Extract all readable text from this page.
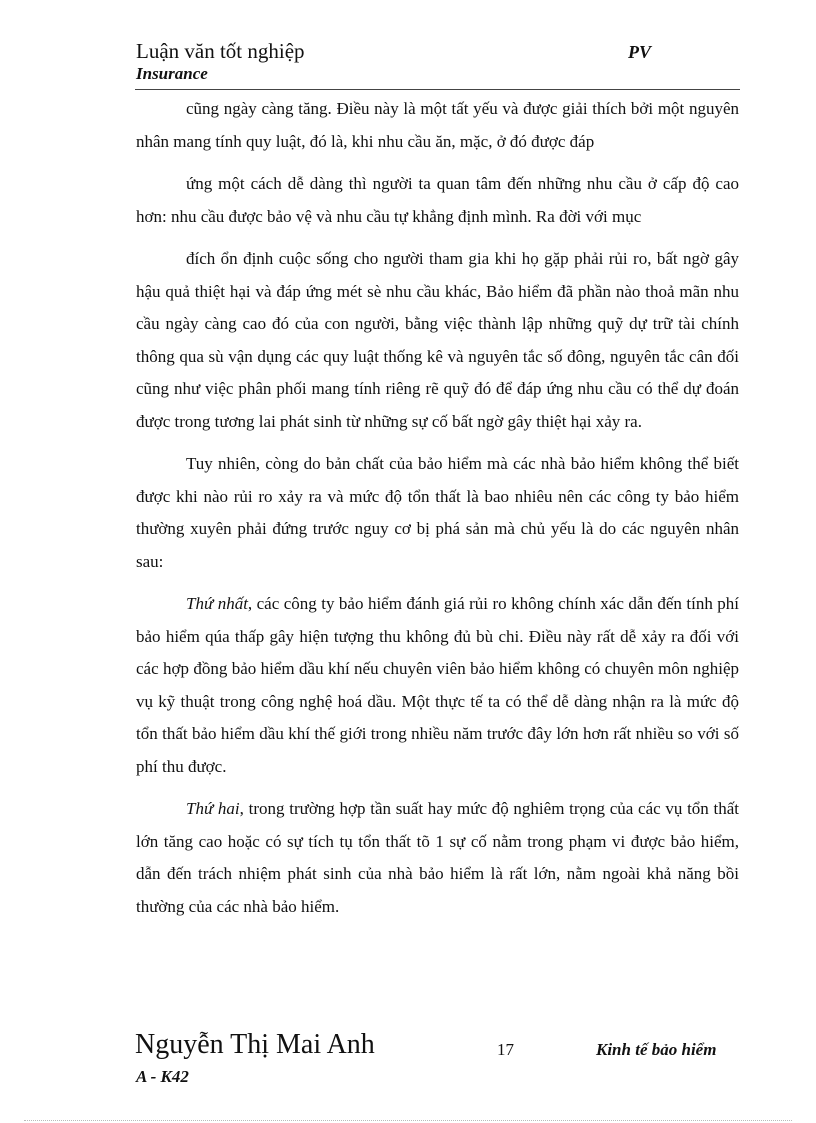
Luận văn tốt nghiệp
Insurance
PV

cũng ngày càng tăng. Điều này là một tất yếu và được giải thích bởi một nguyên nhân mang tính quy luật, đó là, khi nhu cầu ăn, mặc, ở đó được đáp

ứng một cách dễ dàng thì người ta quan tâm đến những nhu cầu ở cấp độ cao hơn: nhu cầu được bảo vệ và nhu cầu tự khẳng định mình. Ra đời với mục

đích ổn định cuộc sống cho người tham gia khi họ gặp phải rủi ro, bất ngờ gây hậu quả thiệt hại và đáp ứng mét sè nhu cầu khác, Bảo hiểm đã phần nào thoả mãn nhu cầu ngày càng cao đó của con người, bằng việc thành lập những quỹ dự trữ tài chính thông qua sù vận dụng các quy luật thống kê và nguyên tắc số đông, nguyên tắc cân đối cũng như việc phân phối mang tính riêng rẽ quỹ đó để đáp ứng nhu cầu có thể dự đoán được trong tương lai phát sinh từ những sự cố bất ngờ gây thiệt hại xảy ra.

Tuy nhiên, còng do bản chất của bảo hiểm mà các nhà bảo hiểm không thể biết được khi nào rủi ro xảy ra và mức độ tổn thất là bao nhiêu nên các công ty bảo hiểm thường xuyên phải đứng trước nguy cơ bị phá sản mà chủ yếu là do các nguyên nhân sau:

Thứ nhất, các công ty bảo hiểm đánh giá rủi ro không chính xác dẫn đến tính phí bảo hiểm qúa thấp gây hiện tượng thu không đủ bù chi. Điều này rất dễ xảy ra đối với các hợp đồng bảo hiểm dầu khí nếu chuyên viên bảo hiểm không có chuyên môn nghiệp vụ kỹ thuật trong công nghệ hoá dầu. Một thực tế ta có thể dễ dàng nhận ra là mức độ tổn thất bảo hiểm dầu khí thế giới trong nhiều năm trước đây lớn hơn rất nhiều so với số phí thu được.

Thứ hai, trong trường hợp tần suất hay mức độ nghiêm trọng của các vụ tổn thất lớn tăng cao hoặc có sự tích tụ tổn thất tõ 1 sự cố nằm trong phạm vi được bảo hiểm, dẫn đến trách nhiệm phát sinh của nhà bảo hiểm là rất lớn, nằm ngoài khả năng bồi thường của các nhà bảo hiểm.

Nguyễn Thị Mai Anh	17	Kinh tế bảo hiểm
A - K42
